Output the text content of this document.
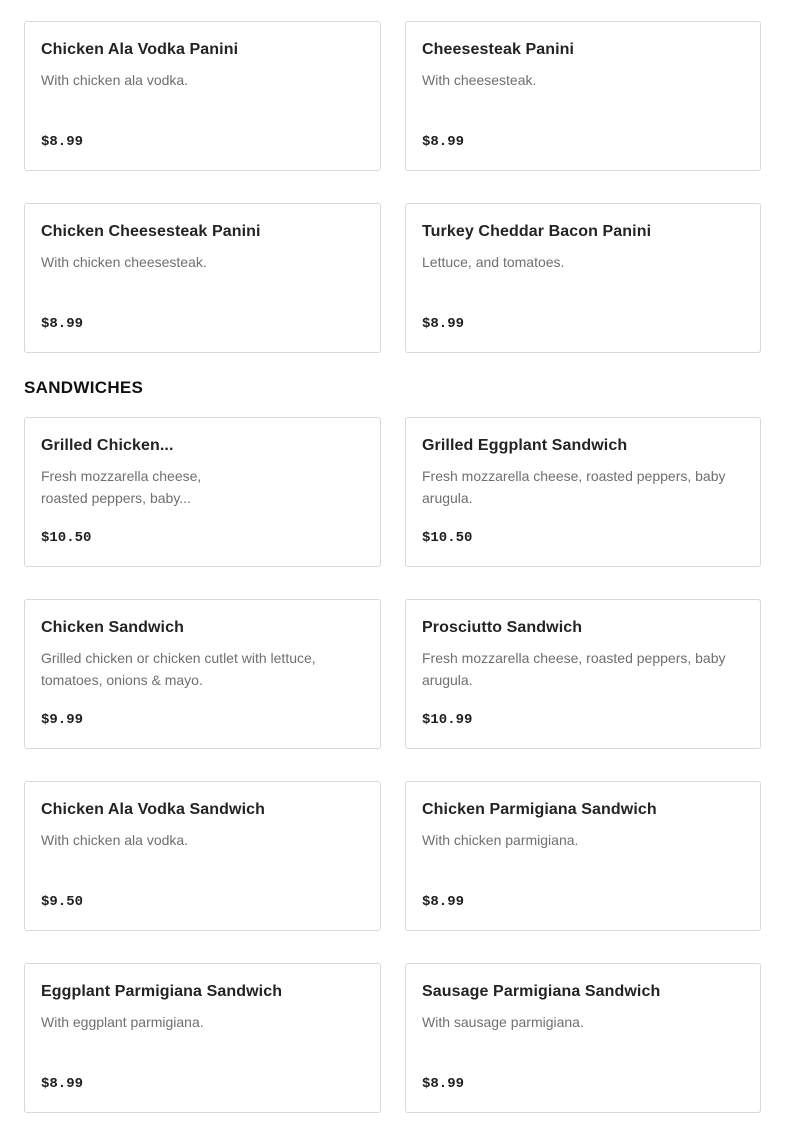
Chicken Ala Vodka Panini
With chicken ala vodka.
$8.99
Cheesesteak Panini
With cheesesteak.
$8.99
Chicken Cheesesteak Panini
With chicken cheesesteak.
$8.99
Turkey Cheddar Bacon Panini
Lettuce, and tomatoes.
$8.99
SANDWICHES
Grilled Chicken...
Fresh mozzarella cheese, roasted peppers, baby...
$10.50
Grilled Eggplant Sandwich
Fresh mozzarella cheese, roasted peppers, baby arugula.
$10.50
Chicken Sandwich
Grilled chicken or chicken cutlet with lettuce, tomatoes, onions & mayo.
$9.99
Prosciutto Sandwich
Fresh mozzarella cheese, roasted peppers, baby arugula.
$10.99
Chicken Ala Vodka Sandwich
With chicken ala vodka.
$9.50
Chicken Parmigiana Sandwich
With chicken parmigiana.
$8.99
Eggplant Parmigiana Sandwich
With eggplant parmigiana.
$8.99
Sausage Parmigiana Sandwich
With sausage parmigiana.
$8.99
